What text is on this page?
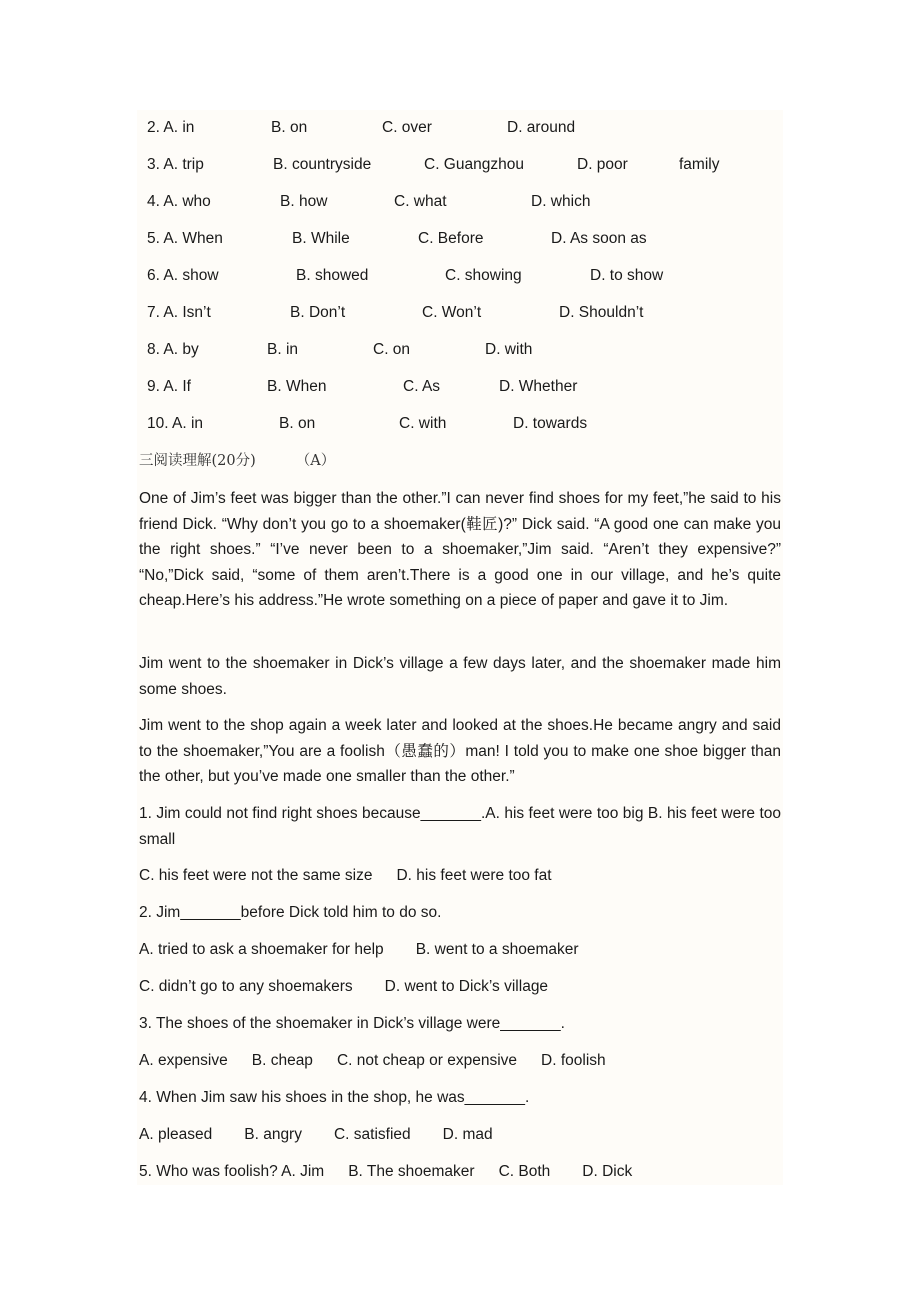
2. A. in	B. on	C. over	D. around
3. A. trip	B. countryside	C. Guangzhou	D. poor	family
4. A. who	B. how	C. what	D. which
5. A. When	B. While	C. Before	D. As soon as
6. A. show	B. showed	C. showing	D. to show
7. A. Isn’t	B. Don’t	C. Won’t	D. Shouldn’t
8. A. by	B. in	C. on	D. with
9. A. If	B. When	C. As	D. Whether
10. A. in	B. on	C. with	D. towards
三阅读理解(20分)	（A）

One of Jim’s feet was bigger than the other.”I can never find shoes for my feet,”he said to his friend Dick. “Why don’t you go to a shoemaker(鞋匠)?” Dick said. “A good one can make you the right shoes.” “I’ve never been to a shoemaker,”Jim said. “Aren’t they expensive?” “No,”Dick said, “some of them aren’t.There is a good one in our village, and he’s quite cheap.Here’s his address.”He wrote something on a piece of paper and gave it to Jim.

Jim went to the shoemaker in Dick’s village a few days later, and the shoemaker made him some shoes.

Jim went to the shop again a week later and looked at the shoes.He became angry and said to the shoemaker,”You are a foolish（愚蠢的）man! I told you to make one shoe bigger than the other, but you’ve made one smaller than the other.”

1. Jim could not find right shoes because_______.A. his feet were too big B. his feet were too small

C. his feet were not the same size D. his feet were too fat
2. Jim_______before Dick told him to do so.
A. tried to ask a shoemaker for help B. went to a shoemaker
C. didn’t go to any shoemakers D. went to Dick’s village
3. The shoes of the shoemaker in Dick’s village were_______.
A. expensive B. cheap C. not cheap or expensive D. foolish
4. When Jim saw his shoes in the shop, he was_______.
A. pleased B. angry C. satisfied D. mad
5. Who was foolish? A. Jim B. The shoemaker C. Both D. Dick
